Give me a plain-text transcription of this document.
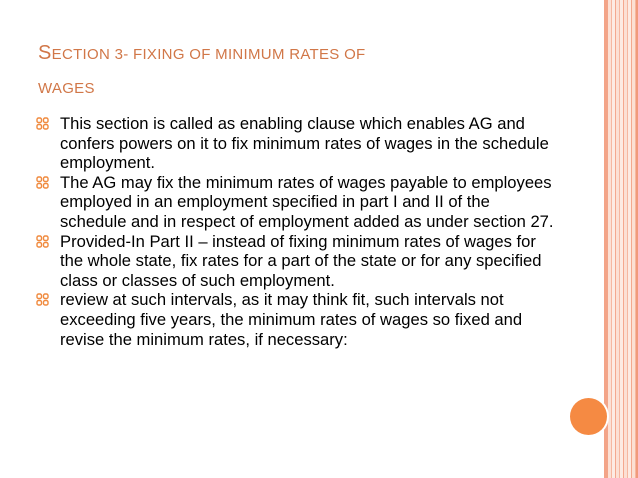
SECTION 3- FIXING OF MINIMUM RATES OF
WAGES
This section is called as enabling clause which enables AG and confers powers on it to fix minimum rates of wages in the schedule employment.
The AG may fix the minimum rates of wages payable to employees employed in an employment specified in part I and II of the schedule and in respect of employment added as under section 27.
Provided-In Part II – instead of fixing minimum rates of wages for the whole state, fix rates for a part of the state or for any specified class or classes of such employment.
review at such intervals, as it may think fit, such intervals not exceeding five years, the minimum rates of wages so fixed and revise the minimum rates, if necessary:
